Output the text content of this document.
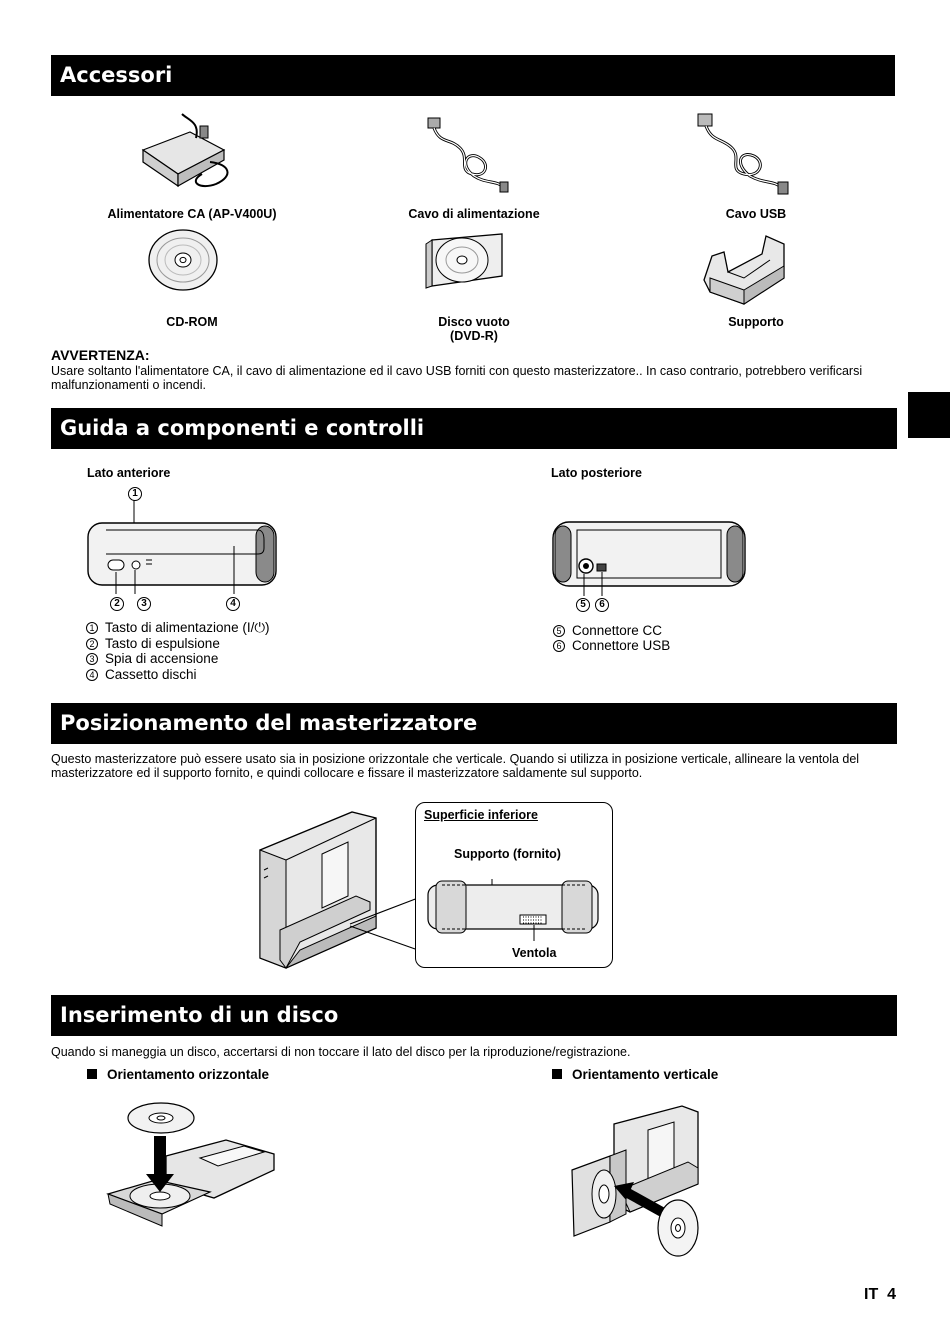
Accessori
Alimentatore CA (AP-V400U)	Cavo di alimentazione	Cavo USB
CD-ROM	Disco vuoto
(DVD-R)
Supporto
AVVERTENZA:
Usare soltanto l'alimentatore CA, il cavo di alimentazione ed il cavo USB forniti con questo masterizzatore.. In caso contrario, potrebbero verificarsi malfunzionamenti o incendi.
Guida a componenti e controlli
Lato anteriore	Lato posteriore
1
2	3	4
1 Tasto di alimentazione (I/⏻)
2 Tasto di espulsione
3 Spia di accensione
4 Cassetto dischi
5	6
5 Connettore CC
6 Connettore USB
Posizionamento del masterizzatore
Questo masterizzatore può essere usato sia in posizione orizzontale che verticale. Quando si utilizza in posizione verticale, allineare la ventola del masterizzatore ed il supporto fornito, e quindi collocare e fissare il masterizzatore saldamente sul supporto.
Superficie inferiore
Supporto (fornito)
Ventola
Inserimento di un disco
Quando si maneggia un disco, accertarsi di non toccare il lato del disco per la riproduzione/registrazione.
Orientamento orizzontale	Orientamento verticale
IT  4
